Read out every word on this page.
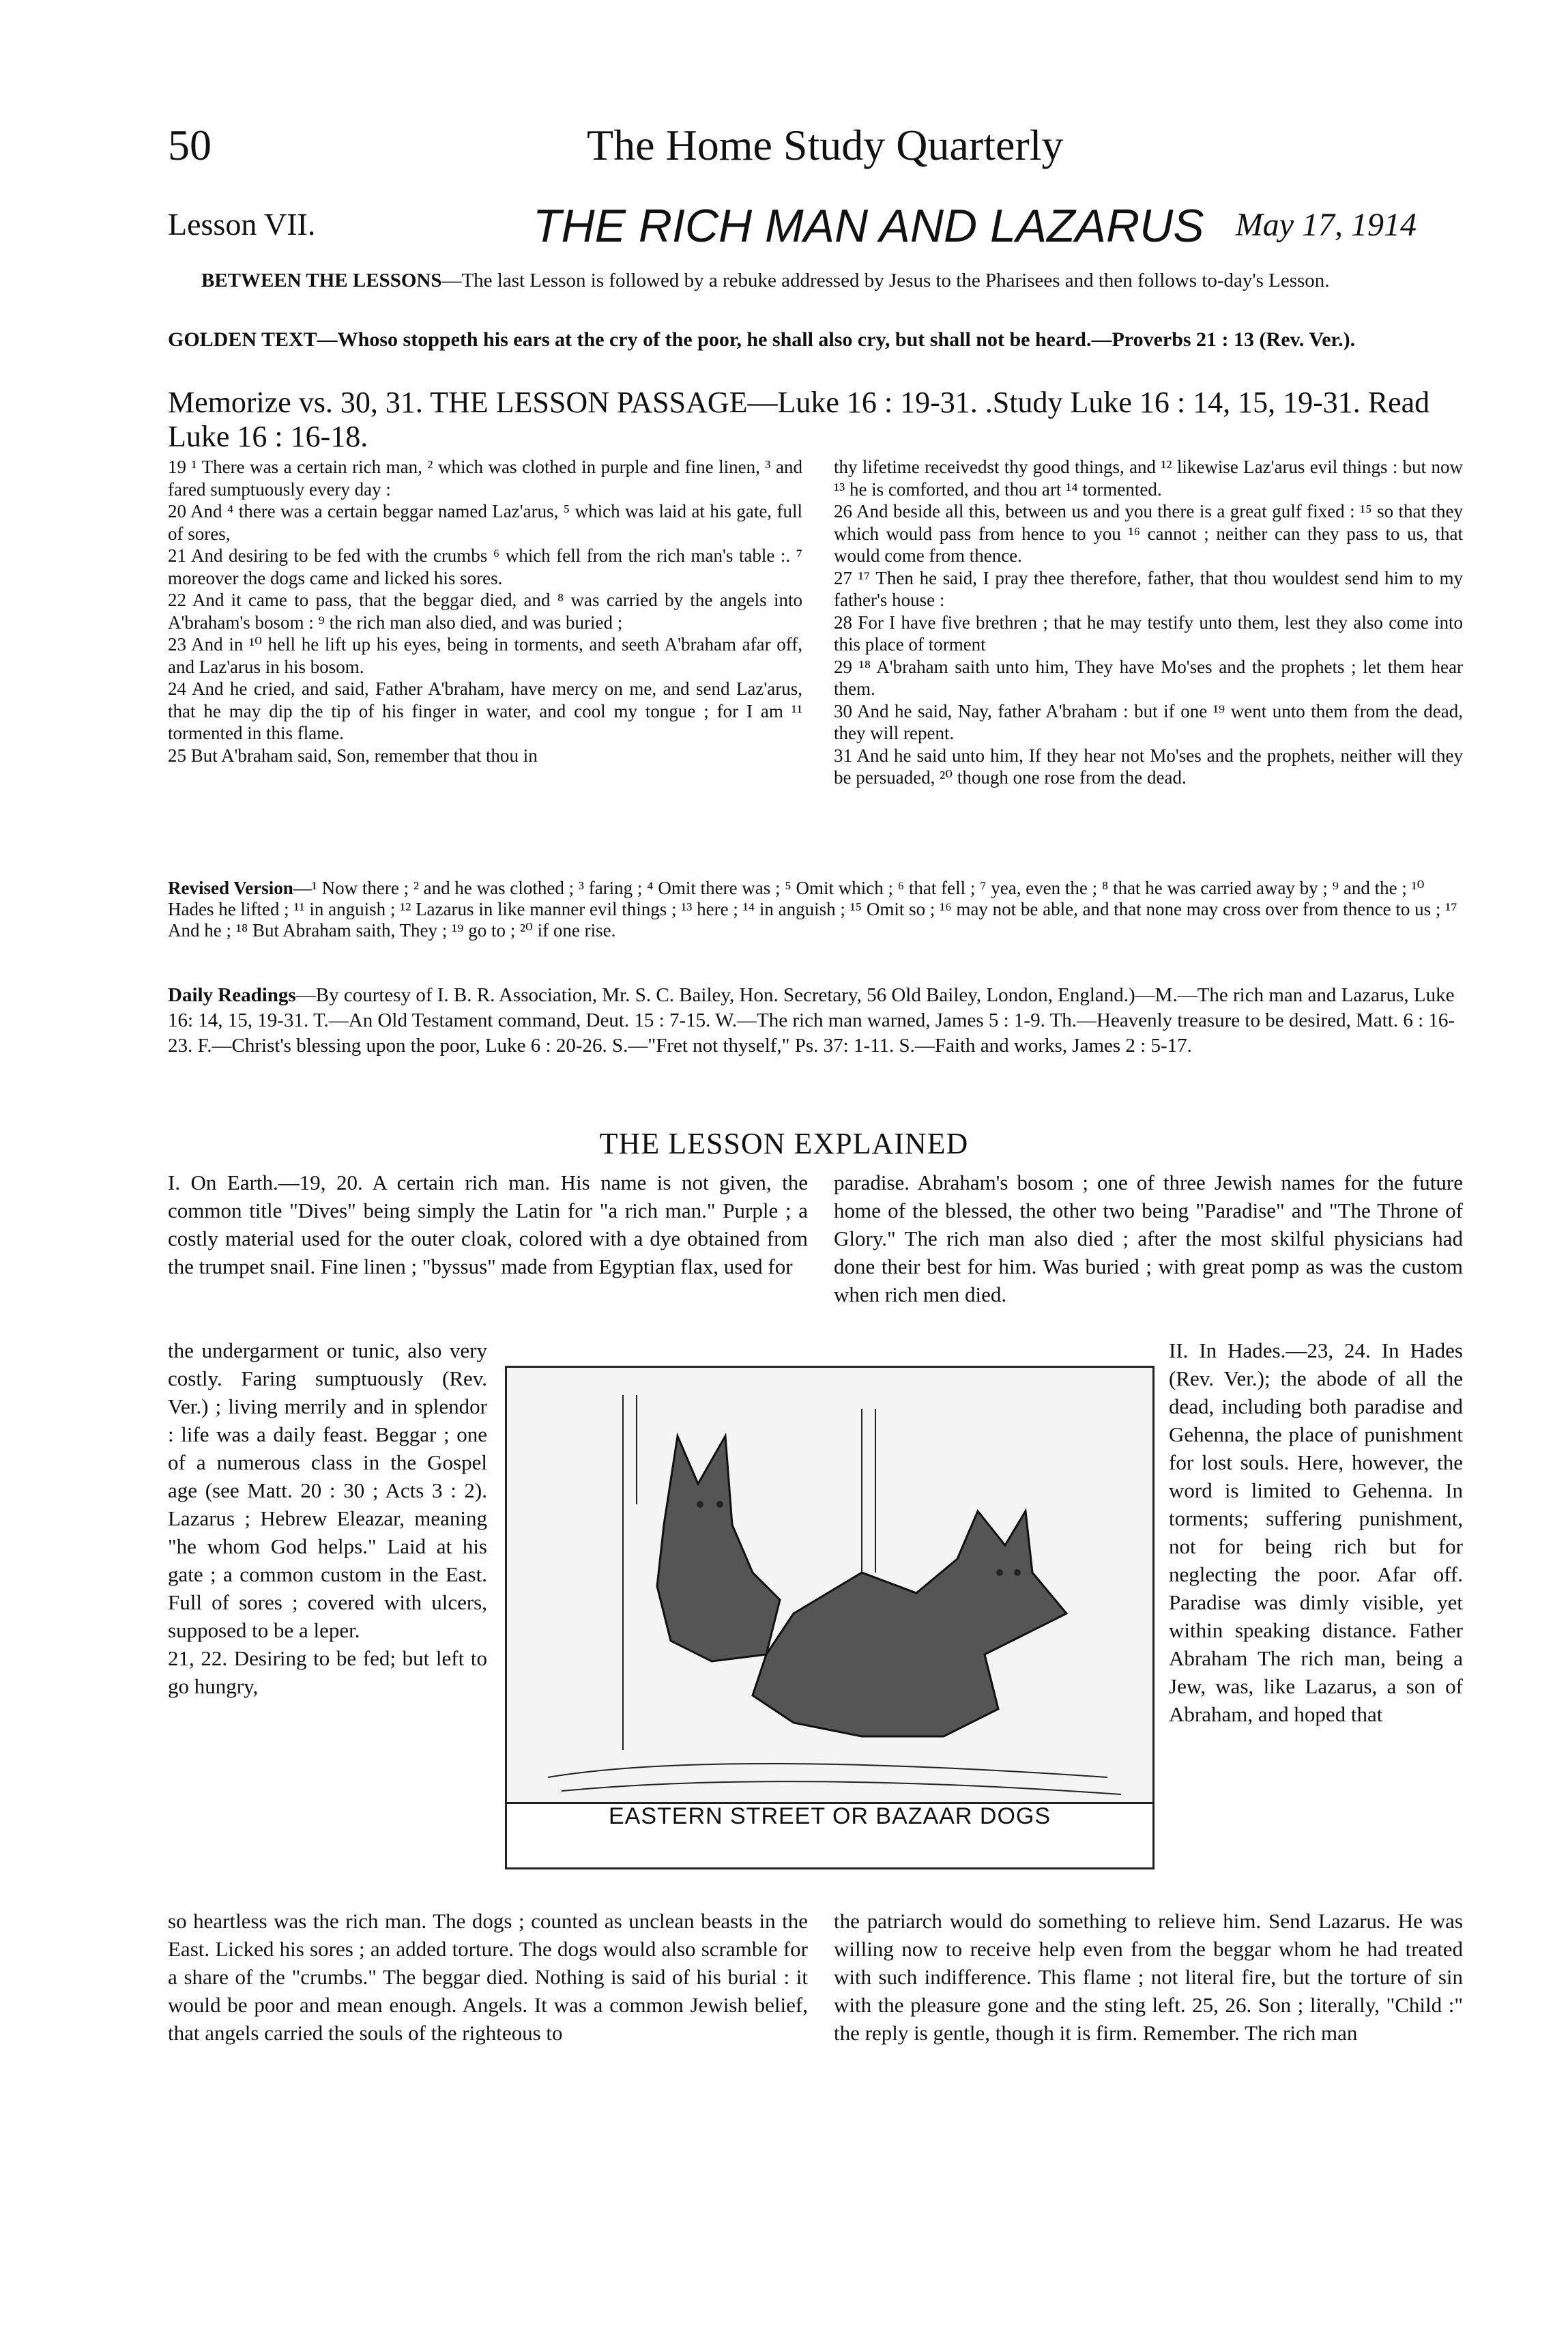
50	The Home Study Quarterly
Lesson VII.	THE RICH MAN AND LAZARUS May 17, 1914
BETWEEN THE LESSONS—The last Lesson is followed by a rebuke addressed by Jesus to the Pharisees and then follows to-day's Lesson.
GOLDEN TEXT—Whoso stoppeth his ears at the cry of the poor, he shall also cry, but shall not be heard.—Proverbs 21 : 13 (Rev. Ver.).
Memorize vs. 30, 31. THE LESSON PASSAGE—Luke 16 : 19-31. .Study Luke 16 : 14, 15, 19-31. Read Luke 16 : 16-18.
19 ¹ There was a certain rich man, ² which was clothed in purple and fine linen, ³ and fared sumptuously every day :
20 And ⁴ there was a certain beggar named Laz'arus, ⁵ which was laid at his gate, full of sores,
21 And desiring to be fed with the crumbs ⁶ which fell from the rich man's table :. ⁷ moreover the dogs came and licked his sores.
22 And it came to pass, that the beggar died, and ⁸ was carried by the angels into A'braham's bosom : ⁹ the rich man also died, and was buried ;
23 And in ¹⁰ hell he lift up his eyes, being in torments, and seeth A'braham afar off, and Laz'arus in his bosom.
24 And he cried, and said, Father A'braham, have mercy on me, and send Laz'arus, that he may dip the tip of his finger in water, and cool my tongue ; for I am ¹¹ tormented in this flame.
25 But A'braham said, Son, remember that thou in
thy lifetime receivedst thy good things, and ¹² likewise Laz'arus evil things : but now ¹³ he is comforted, and thou art ¹⁴ tormented.
26 And beside all this, between us and you there is a great gulf fixed : ¹⁵ so that they which would pass from hence to you ¹⁶ cannot ; neither can they pass to us, that would come from thence.
27 ¹⁷ Then he said, I pray thee therefore, father, that thou wouldest send him to my father's house :
28 For I have five brethren ; that he may testify unto them, lest they also come into this place of torment
29 ¹⁸ A'braham saith unto him, They have Mo'ses and the prophets ; let them hear them.
30 And he said, Nay, father A'braham : but if one ¹⁹ went unto them from the dead, they will repent.
31 And he said unto him, If they hear not Mo'ses and the prophets, neither will they be persuaded, ²⁰ though one rose from the dead.
Revised Version—¹ Now there ; ² and he was clothed ; ³ faring ; ⁴ Omit there was ; ⁵ Omit which ; ⁶ that fell ; ⁷ yea, even the ; ⁸ that he was carried away by ; ⁹ and the ; ¹⁰ Hades he lifted ; ¹¹ in anguish ; ¹² Lazarus in like manner evil things ; ¹³ here ; ¹⁴ in anguish ; ¹⁵ Omit so ; ¹⁶ may not be able, and that none may cross over from thence to us ; ¹⁷ And he ; ¹⁸ But Abraham saith, They ; ¹⁹ go to ; ²⁰ if one rise.
Daily Readings—By courtesy of I. B. R. Association, Mr. S. C. Bailey, Hon. Secretary, 56 Old Bailey, London, England.)—M.—The rich man and Lazarus, Luke 16: 14, 15, 19-31. T.—An Old Testament command, Deut. 15 : 7-15. W.—The rich man warned, James 5 : 1-9. Th.—Heavenly treasure to be desired, Matt. 6 : 16-23. F.—Christ's blessing upon the poor, Luke 6 : 20-26. S.—"Fret not thyself," Ps. 37: 1-11. S.—Faith and works, James 2 : 5-17.
THE LESSON EXPLAINED
I. On Earth.—19, 20. A certain rich man. His name is not given, the common title "Dives" being simply the Latin for "a rich man." Purple ; a costly material used for the outer cloak, colored with a dye obtained from the trumpet snail. Fine linen ; "byssus" made from Egyptian flax, used for
paradise. Abraham's bosom ; one of three Jewish names for the future home of the blessed, the other two being "Paradise" and "The Throne of Glory." The rich man also died ; after the most skilful physicians had done their best for him. Was buried ; with great pomp as was the custom when rich men died.
the undergarment or tunic, also very costly. Faring sumptuously (Rev. Ver.) ; living merrily and in splendor : life was a daily feast. Beggar ; one of a numerous class in the Gospel age (see Matt. 20 : 30 ; Acts 3 : 2). Lazarus ; Hebrew Eleazar, meaning "he whom God helps." Laid at his gate ; a common custom in the East. Full of sores ; covered with ulcers, supposed to be a leper.
21, 22. Desiring to be fed; but left to go hungry,
II. In Hades.—23, 24. In Hades (Rev. Ver.); the abode of all the dead, including both paradise and Gehenna, the place of punishment for lost souls. Here, however, the word is limited to Gehenna. In torments; suffering punishment, not for being rich but for neglecting the poor. Afar off. Paradise was dimly visible, yet within speaking distance. Father Abraham The rich man, being a Jew, was, like Lazarus, a son of Abraham, and hoped that
EASTERN STREET OR BAZAAR DOGS
so heartless was the rich man. The dogs ; counted as unclean beasts in the East. Licked his sores ; an added torture. The dogs would also scramble for a share of the "crumbs." The beggar died. Nothing is said of his burial : it would be poor and mean enough. Angels. It was a common Jewish belief, that angels carried the souls of the righteous to
the patriarch would do something to relieve him. Send Lazarus. He was willing now to receive help even from the beggar whom he had treated with such indifference. This flame ; not literal fire, but the torture of sin with the pleasure gone and the sting left. 25, 26. Son ; literally, "Child :" the reply is gentle, though it is firm. Remember. The rich man
